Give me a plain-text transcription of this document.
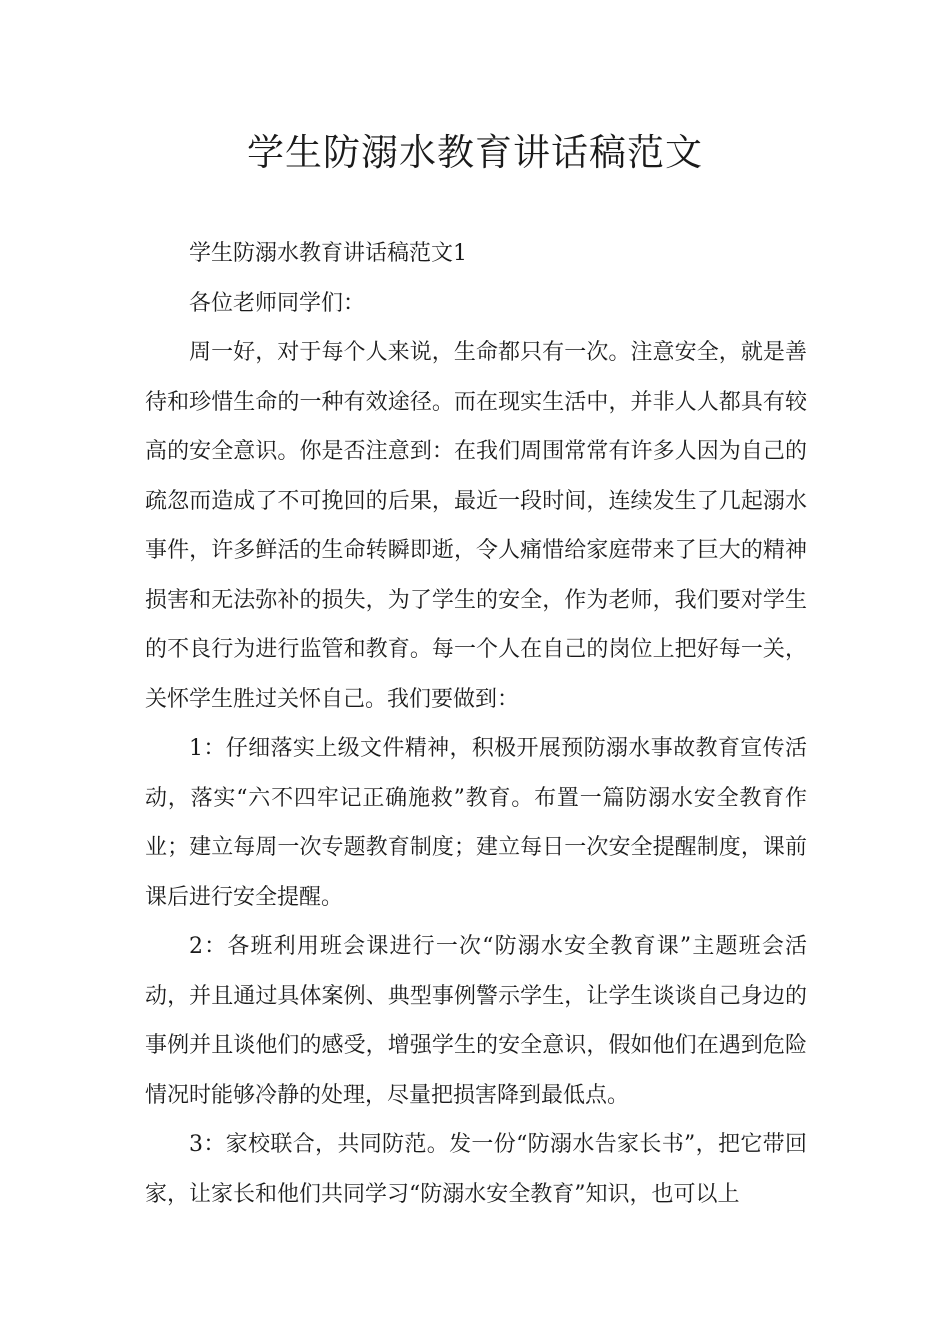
学生防溺水教育讲话稿范文

学生防溺水教育讲话稿范文1

各位老师同学们：

周一好，对于每个人来说，生命都只有一次。注意安全，就是善待和珍惜生命的一种有效途径。而在现实生活中，并非人人都具有较高的安全意识。你是否注意到：在我们周围常常有许多人因为自己的疏忽而造成了不可挽回的后果，最近一段时间，连续发生了几起溺水事件，许多鲜活的生命转瞬即逝，令人痛惜给家庭带来了巨大的精神损害和无法弥补的损失，为了学生的安全，作为老师，我们要对学生的不良行为进行监管和教育。每一个人在自己的岗位上把好每一关，关怀学生胜过关怀自己。我们要做到：

1：仔细落实上级文件精神，积极开展预防溺水事故教育宣传活动，落实“六不四牢记正确施救”教育。布置一篇防溺水安全教育作业；建立每周一次专题教育制度；建立每日一次安全提醒制度，课前课后进行安全提醒。

2：各班利用班会课进行一次“防溺水安全教育课”主题班会活动，并且通过具体案例、典型事例警示学生，让学生谈谈自己身边的事例并且谈他们的感受，增强学生的安全意识，假如他们在遇到危险情况时能够冷静的处理，尽量把损害降到最低点。

3：家校联合，共同防范。发一份“防溺水告家长书”，把它带回家，让家长和他们共同学习“防溺水安全教育”知识，也可以上
